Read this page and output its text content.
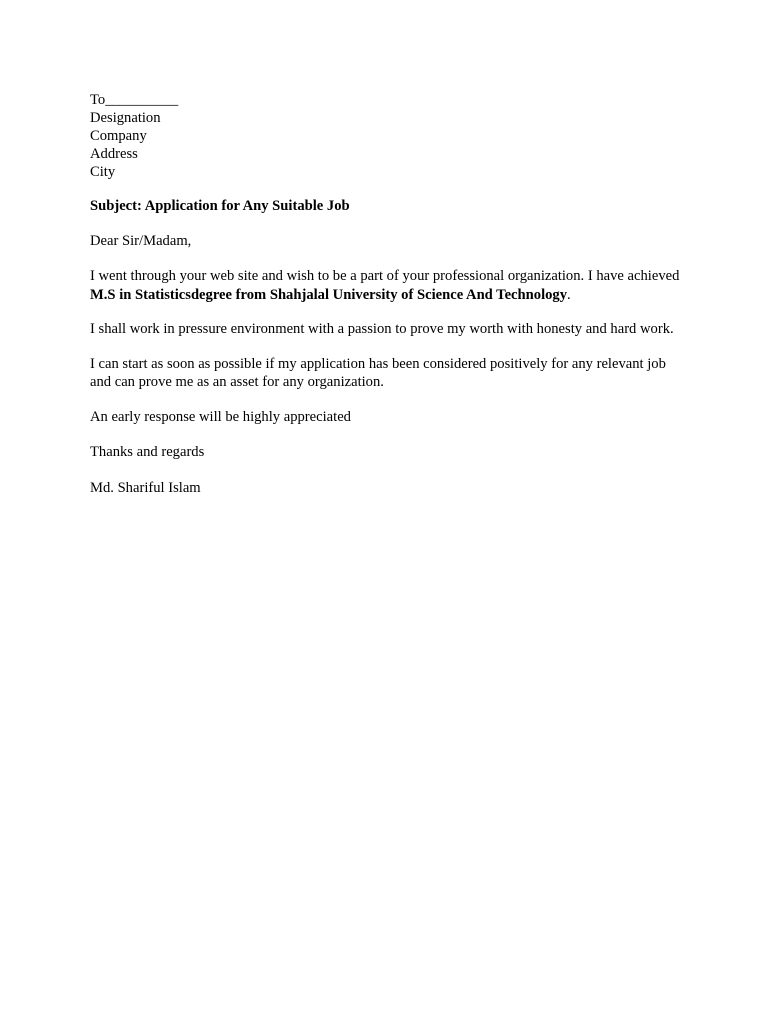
To__________
Designation
Company
Address
City

Subject: Application for Any Suitable Job

Dear Sir/Madam,

I went through your web site and wish to be a part of your professional organization. I have achieved M.S in Statisticsdegree from Shahjalal University of Science And Technology.

I shall work in pressure environment with a passion to prove my worth with honesty and hard work.

I can start as soon as possible if my application has been considered positively for any relevant job and can prove me as an asset for any organization.

An early response will be highly appreciated

Thanks and regards

Md. Shariful Islam
